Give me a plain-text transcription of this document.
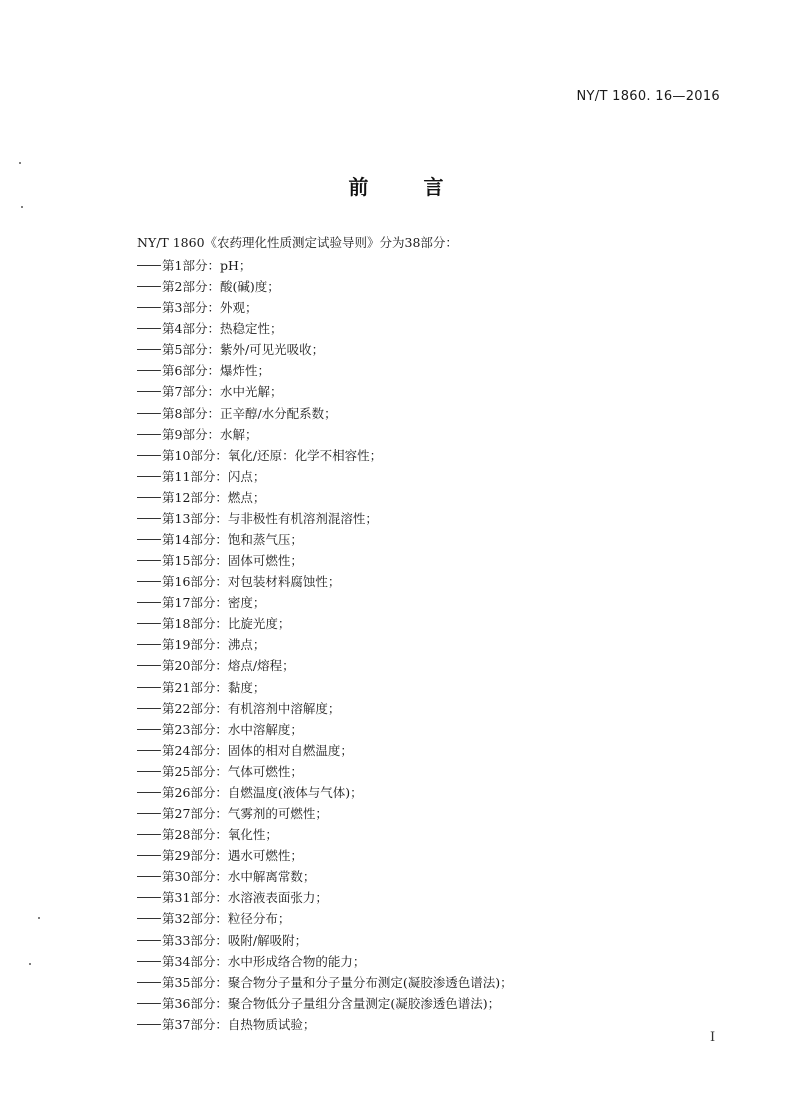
NY/T 1860. 16—2016
前 言
NY/T 1860《农药理化性质测定试验导则》分为38部分：
第1部分：pH；
第2部分：酸(碱)度；
第3部分：外观；
第4部分：热稳定性；
第5部分：紫外/可见光吸收；
第6部分：爆炸性；
第7部分：水中光解；
第8部分：正辛醇/水分配系数；
第9部分：水解；
第10部分：氧化/还原：化学不相容性；
第11部分：闪点；
第12部分：燃点；
第13部分：与非极性有机溶剂混溶性；
第14部分：饱和蒸气压；
第15部分：固体可燃性；
第16部分：对包装材料腐蚀性；
第17部分：密度；
第18部分：比旋光度；
第19部分：沸点；
第20部分：熔点/熔程；
第21部分：黏度；
第22部分：有机溶剂中溶解度；
第23部分：水中溶解度；
第24部分：固体的相对自燃温度；
第25部分：气体可燃性；
第26部分：自燃温度(液体与气体)；
第27部分：气雾剂的可燃性；
第28部分：氧化性；
第29部分：遇水可燃性；
第30部分：水中解离常数；
第31部分：水溶液表面张力；
第32部分：粒径分布；
第33部分：吸附/解吸附；
第34部分：水中形成络合物的能力；
第35部分：聚合物分子量和分子量分布测定(凝胶渗透色谱法)；
第36部分：聚合物低分子量组分含量测定(凝胶渗透色谱法)；
第37部分：自热物质试验；
I
